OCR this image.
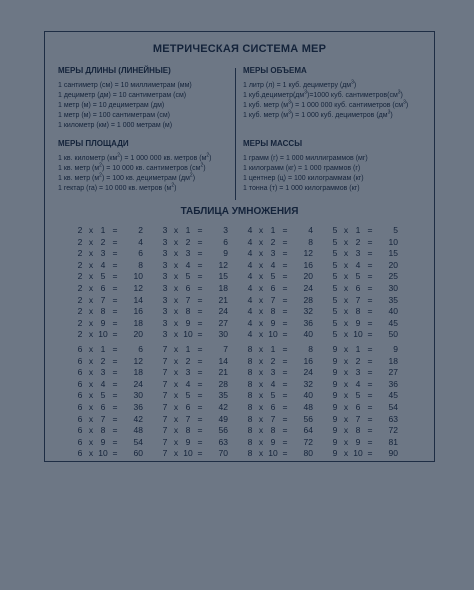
МЕТРИЧЕСКАЯ СИСТЕМА МЕР
МЕРЫ ДЛИНЫ (ЛИНЕЙНЫЕ)
1 сантиметр (см) = 10 миллиметрам (мм)
1 дециметр (дм) = 10 сантиметрам (см)
1 метр (м) = 10 дециметрам (дм)
1 метр (м) = 100 сантиметрам (см)
1 километр (км) = 1 000 метрам (м)
МЕРЫ ОБЪЕМА
1 литр (л) = 1 куб. дециметру $(дм^3)$
1 $куб.дециметр(дм^3)=1000$ куб. $сантиметров(см^3)$
1 куб. метр $(м^3) = 1$ 000 000 куб. сантиметров $(см^3)$
1 куб. метр $(м^3) = 1$ 000 куб. дециметров $(дм^3)$
МЕРЫ ПЛОЩАДИ
1 кв. километр $(км^2) = 1$ 000 000 кв. метров $(м^2)$
1 кв. метр $(м^2) = 10$ 000 кв. сантиметров $(см^2)$
1 кв. метр $(м^2) = 100$ кв. дециметрам $(дм^2)$
1 гектар (га) = 10 000 кв. метров $(м^2)$
МЕРЫ МАССЫ
1 грамм (г) = 1 000 миллиграммов (мг)
1 килограмм (кг) = 1 000 граммов (г)
1 центнер (ц) = 100 килограммам (кг)
1 тонна (т) = 1 000 килограммов (кг)
ТАБЛИЦА УМНОЖЕНИЯ
2 x 1 =	2
2 x 2 =	4
2 x 3 =	6
2 x 4 =	8
2 x 5 =	10
2 x 6 =	12
2 x 7 =	14
2 x 8 =	16
2 x 9 =	18
2 x 10 =	20
3 x 1 =	3
3 x 2 =	6
3 x 3 =	9
3 x 4 =	12
3 x 5 =	15
3 x 6 =	18
3 x 7 =	21
3 x 8 =	24
3 x 9 =	27
3 x 10 =	30
4 x 1 =	4
4 x 2 =	8
4 x 3 =	12
4 x 4 =	16
4 x 5 =	20
4 x 6 =	24
4 x 7 =	28
4 x 8 =	32
4 x 9 =	36
4 x 10 =	40
5 x 1 =	5
5 x 2 =	10
5 x 3 =	15
5 x 4 =	20
5 x 5 =	25
5 x 6 =	30
5 x 7 =	35
5 x 8 =	40
5 x 9 =	45
5 x 10 =	50
6 x 1 =	6
6 x 2 =	12
6 x 3 =	18
6 x 4 =	24
6 x 5 =	30
6 x 6 =	36
6 x 7 =	42
6 x 8 =	48
6 x 9 =	54
6 x 10 =	60
7 x 1 =	7
7 x 2 =	14
7 x 3 =	21
7 x 4 =	28
7 x 5 =	35
7 x 6 =	42
7 x 7 =	49
7 x 8 =	56
7 x 9 =	63
7 x 10 =	70
8 x 1 =	8
8 x 2 =	16
8 x 3 =	24
8 x 4 =	32
8 x 5 =	40
8 x 6 =	48
8 x 7 =	56
8 x 8 =	64
8 x 9 =	72
8 x 10 =	80
9 x 1 =	9
9 x 2 =	18
9 x 3 =	27
9 x 4 =	36
9 x 5 =	45
9 x 6 =	54
9 x 7 =	63
9 x 8 =	72
9 x 9 =	81
9 x 10 =	90
